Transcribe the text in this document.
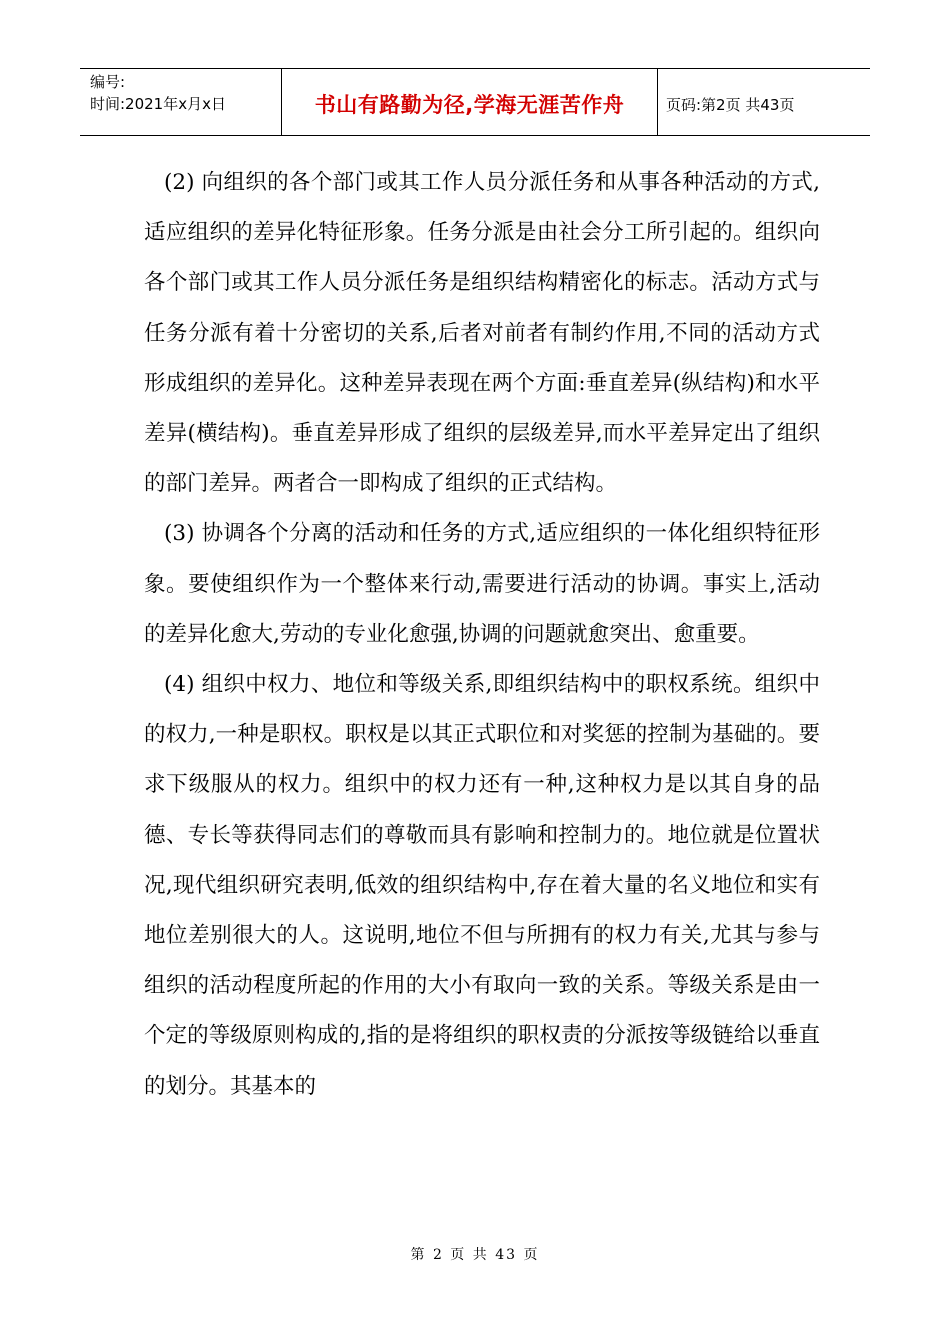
编号:
时间:2021年x月x日	书山有路勤为径,学海无涯苦作舟	页码:第2页 共43页

(2) 向组织的各个部门或其工作人员分派任务和从事各种活动的方式,适应组织的差异化特征形象。任务分派是由社会分工所引起的。组织向各个部门或其工作人员分派任务是组织结构精密化的标志。活动方式与任务分派有着十分密切的关系,后者对前者有制约作用,不同的活动方式形成组织的差异化。这种差异表现在两个方面:垂直差异(纵结构)和水平差异(横结构)。垂直差异形成了组织的层级差异,而水平差异定出了组织的部门差异。两者合一即构成了组织的正式结构。

(3) 协调各个分离的活动和任务的方式,适应组织的一体化组织特征形象。要使组织作为一个整体来行动,需要进行活动的协调。事实上,活动的差异化愈大,劳动的专业化愈强,协调的问题就愈突出、愈重要。

(4) 组织中权力、地位和等级关系,即组织结构中的职权系统。组织中的权力,一种是职权。职权是以其正式职位和对奖惩的控制为基础的。要求下级服从的权力。组织中的权力还有一种,这种权力是以其自身的品德、专长等获得同志们的尊敬而具有影响和控制力的。地位就是位置状况,现代组织研究表明,低效的组织结构中,存在着大量的名义地位和实有地位差别很大的人。这说明,地位不但与所拥有的权力有关,尤其与参与组织的活动程度所起的作用的大小有取向一致的关系。等级关系是由一个定的等级原则构成的,指的是将组织的职权责的分派按等级链给以垂直的划分。其基本的

第 2 页 共 43 页
